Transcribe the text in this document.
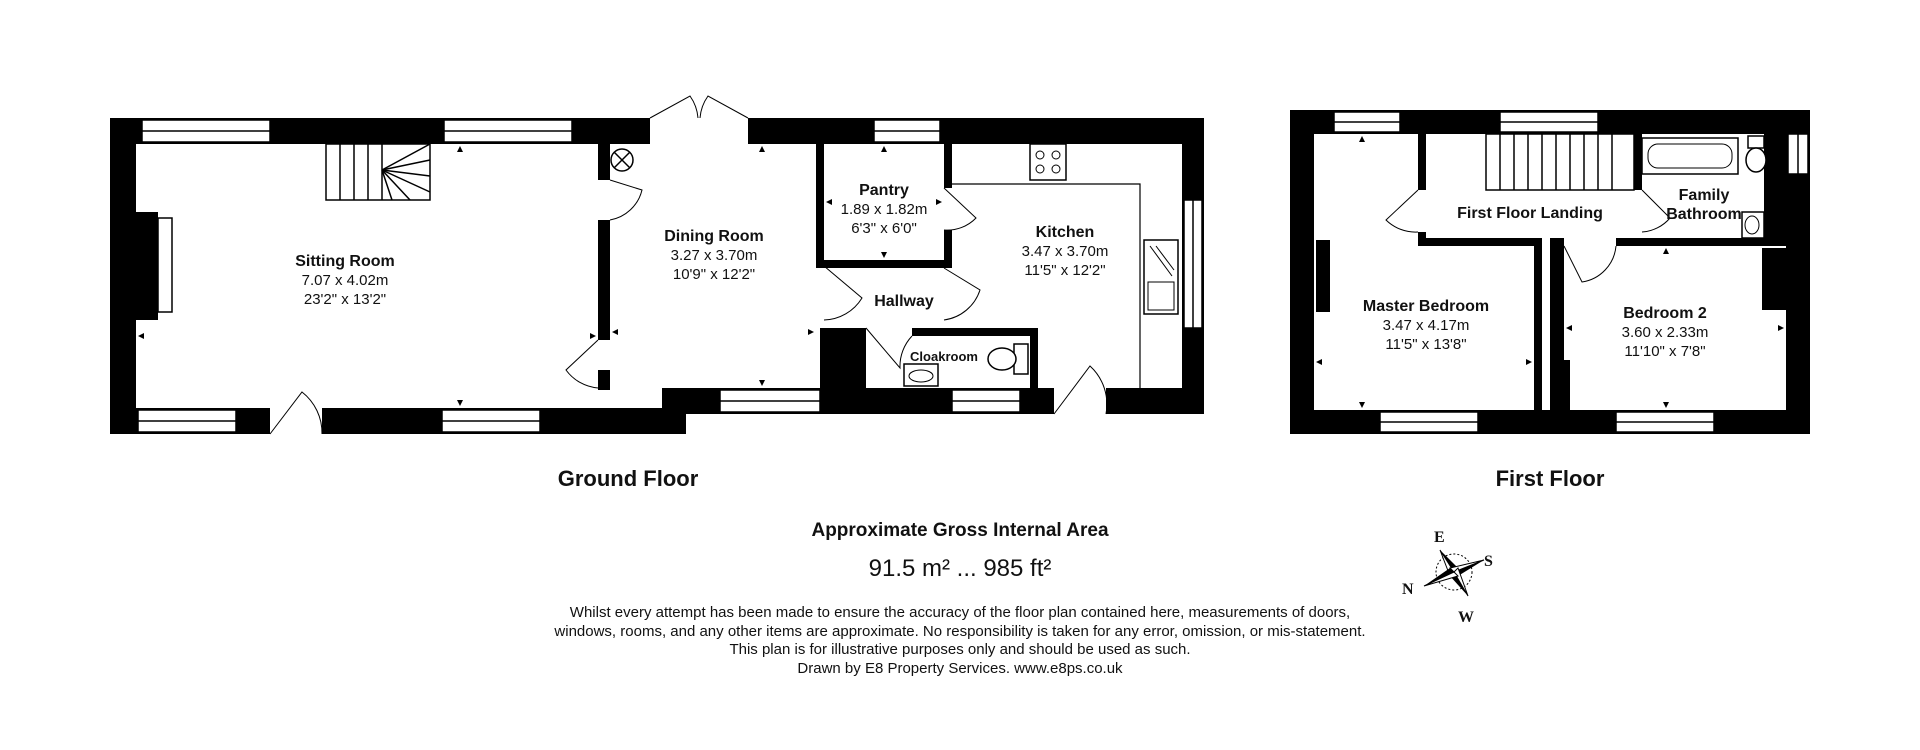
Sitting Room
7.07 x 4.02m
23'2" x 13'2"
Dining Room
3.27 x 3.70m
10'9" x 12'2"
Pantry
1.89 x 1.82m
6'3" x 6'0"	Kitchen
3.47 x 3.70m
11'5" x 12'2"
Hallway
Cloakroom
First Floor Landing
Family
Bathroom
Master Bedroom
3.47 x 4.17m
11'5" x 13'8"
Bedroom 2
3.60 x 2.33m
11'10" x 7'8"
Ground Floor	First Floor
E
S
N
W
Approximate Gross Internal Area
91.5 m² ... 985 ft²
Whilst every attempt has been made to ensure the accuracy of the floor plan contained here, measurements of doors,
windows, rooms, and any other items are approximate. No responsibility is taken for any error, omission, or mis-statement.
This plan is for illustrative purposes only and should be used as such.
Drawn by E8 Property Services. www.e8ps.co.uk
